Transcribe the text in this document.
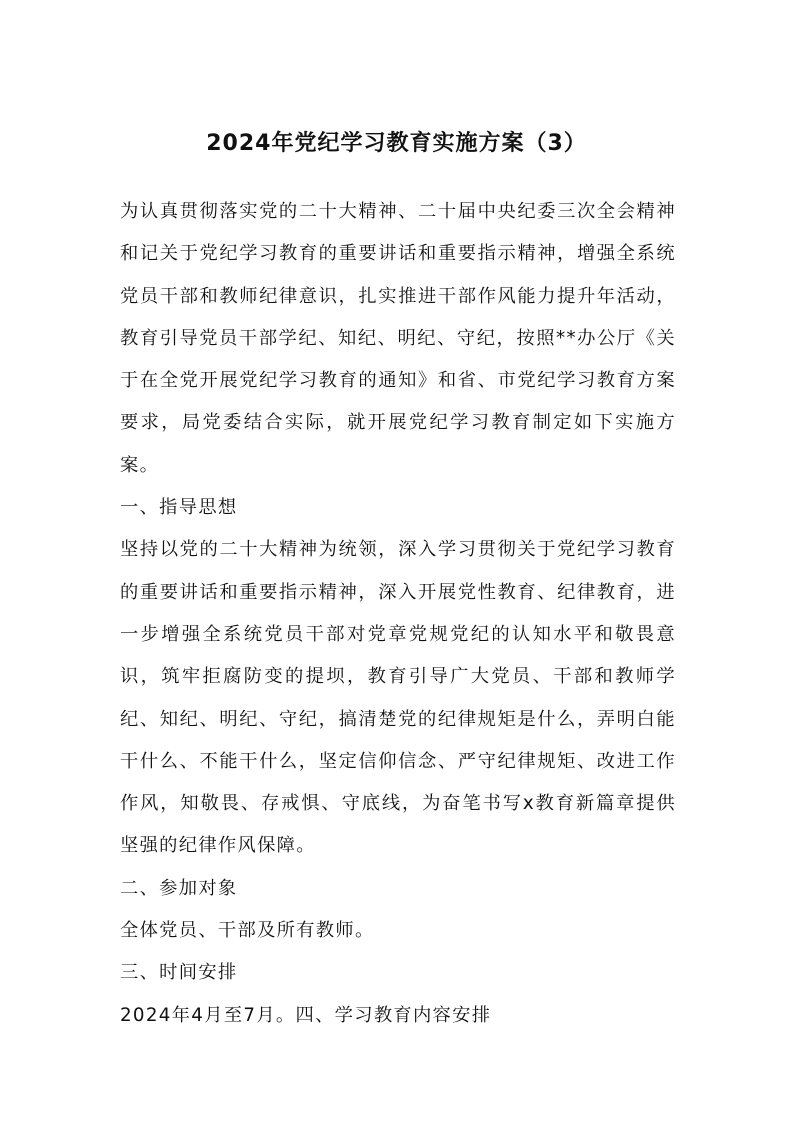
2024年党纪学习教育实施方案（3）

为认真贯彻落实党的二十大精神、二十届中央纪委三次全会精神和记关于党纪学习教育的重要讲话和重要指示精神，增强全系统党员干部和教师纪律意识，扎实推进干部作风能力提升年活动，教育引导党员干部学纪、知纪、明纪、守纪，按照**办公厅《关于在全党开展党纪学习教育的通知》和省、市党纪学习教育方案要求，局党委结合实际，就开展党纪学习教育制定如下实施方案。

一、指导思想

坚持以党的二十大精神为统领，深入学习贯彻关于党纪学习教育的重要讲话和重要指示精神，深入开展党性教育、纪律教育，进一步增强全系统党员干部对党章党规党纪的认知水平和敬畏意识，筑牢拒腐防变的提坝，教育引导广大党员、干部和教师学纪、知纪、明纪、守纪，搞清楚党的纪律规矩是什么，弄明白能干什么、不能干什么，坚定信仰信念、严守纪律规矩、改进工作作风，知敬畏、存戒惧、守底线，为奋笔书写x教育新篇章提供坚强的纪律作风保障。

二、参加对象

全体党员、干部及所有教师。

三、时间安排

2024年4月至7月。四、学习教育内容安排
